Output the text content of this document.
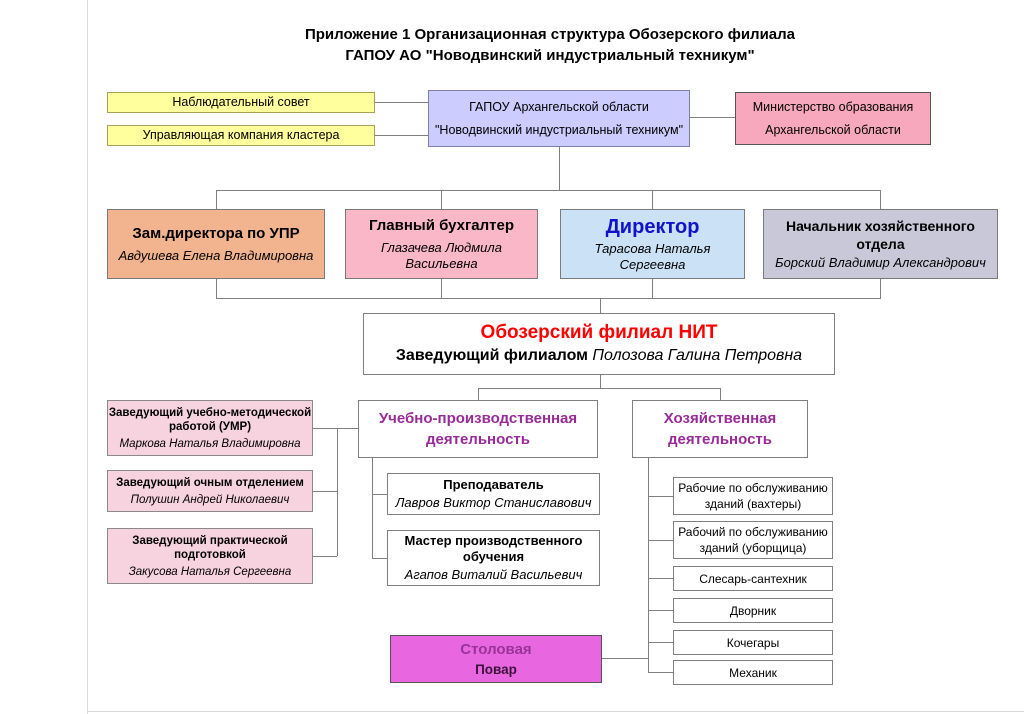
Приложение 1 Организационная структура Обозерского филиала
ГАПОУ АО "Новодвинский индустриальный техникум"
Наблюдательный совет
Управляющая компания кластера
ГАПОУ Архангельской области
"Новодвинский индустриальный техникум"
Министерство образования
Архангельской области
Зам.директора по УПР
Авдушева Елена Владимировна
Главный бухгалтер
Глазачева Людмила Васильевна
Директор
Тарасова Наталья Сергеевна
Начальник хозяйственного
отдела
Борский Владимир Александрович
Обозерский филиал НИТ
Заведующий филиалом Полозова Галина Петровна
Заведующий учебно-методической
работой (УМР)
Маркова Наталья Владимировна
Заведующий очным отделением
Полушин Андрей Николаевич
Заведующий практической
подготовкой
Закусова Наталья Сергеевна
Учебно-производственная
деятельность
Преподаватель
Лавров Виктор Станиславович
Мастер производственного
обучения
Агапов Виталий Васильевич
Хозяйственная
деятельность
Рабочие по обслуживанию
зданий (вахтеры)
Рабочий по обслуживанию
зданий (уборщица)
Слесарь-сантехник
Дворник
Кочегары
Механик
Столовая
Повар
